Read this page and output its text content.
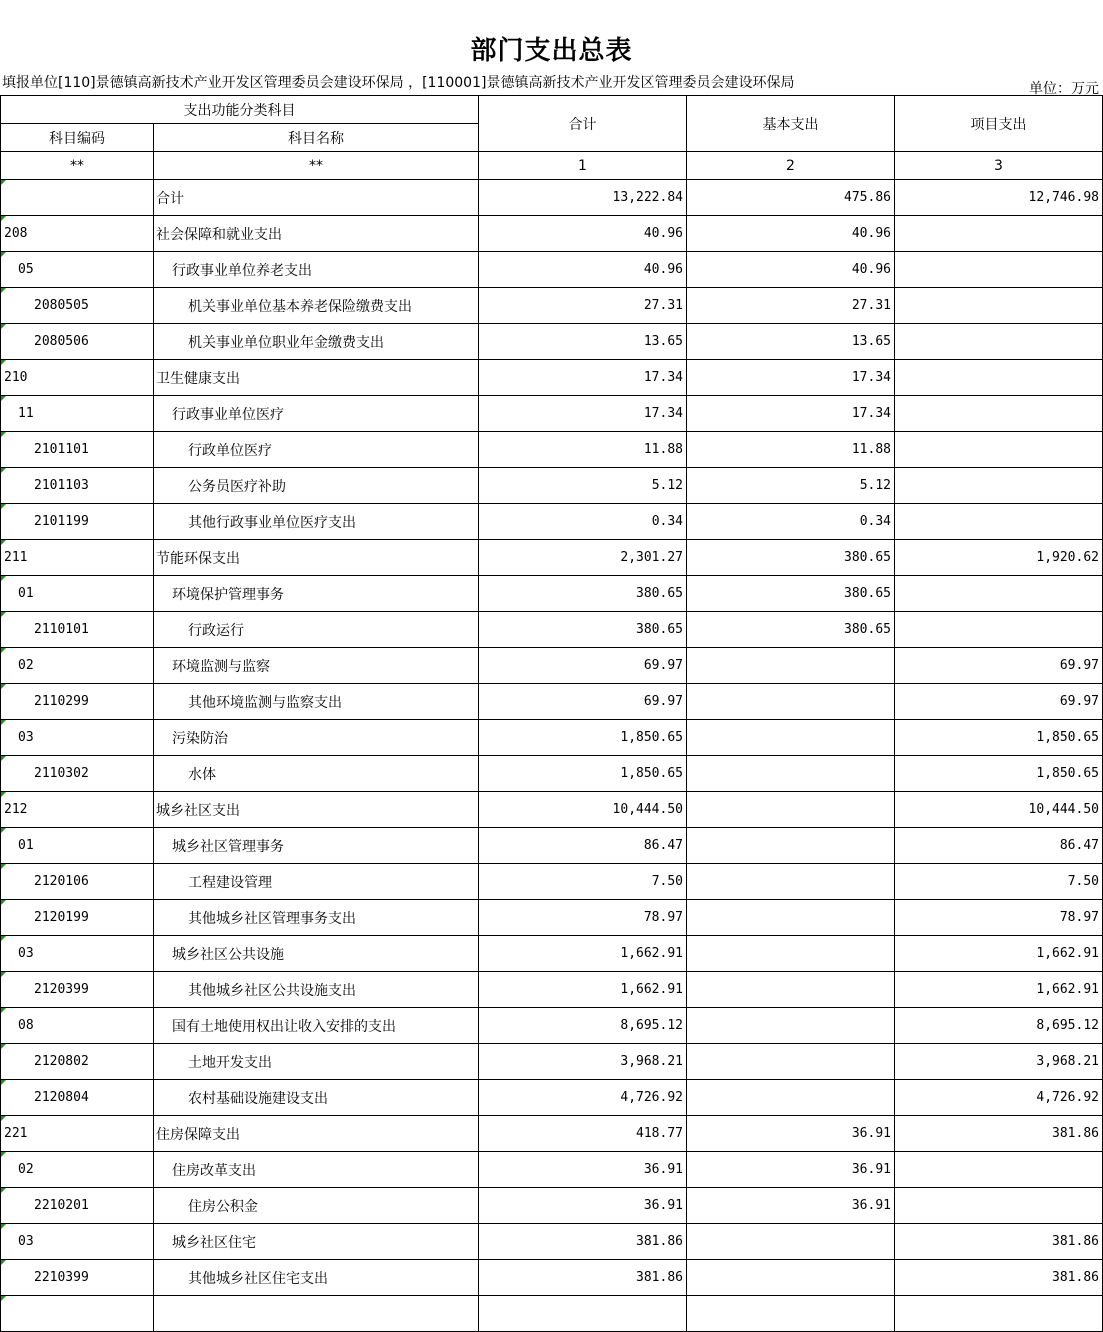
部门支出总表
填报单位[110]景德镇高新技术产业开发区管理委员会建设环保局 ，[110001]景德镇高新技术产业开发区管理委员会建设环保局	单位：万元
支出功能分类科目		合计	基本支出	项目支出
科目编码	科目名称			
**	**	1	2	3
	合计	13,222.84	475.86	12,746.98
208	社会保障和就业支出	40.96	40.96	
05	行政事业单位养老支出	40.96	40.96	
2080505	机关事业单位基本养老保险缴费支出	27.31	27.31	
2080506	机关事业单位职业年金缴费支出	13.65	13.65	
210	卫生健康支出	17.34	17.34	
11	行政事业单位医疗	17.34	17.34	
2101101	行政单位医疗	11.88	11.88	
2101103	公务员医疗补助	5.12	5.12	
2101199	其他行政事业单位医疗支出	0.34	0.34	
211	节能环保支出	2,301.27	380.65	1,920.62
01	环境保护管理事务	380.65	380.65	
2110101	行政运行	380.65	380.65	
02	环境监测与监察	69.97		69.97
2110299	其他环境监测与监察支出	69.97		69.97
03	污染防治	1,850.65		1,850.65
2110302	水体	1,850.65		1,850.65
212	城乡社区支出	10,444.50		10,444.50
01	城乡社区管理事务	86.47		86.47
2120106	工程建设管理	7.50		7.50
2120199	其他城乡社区管理事务支出	78.97		78.97
03	城乡社区公共设施	1,662.91		1,662.91
2120399	其他城乡社区公共设施支出	1,662.91		1,662.91
08	国有土地使用权出让收入安排的支出	8,695.12		8,695.12
2120802	土地开发支出	3,968.21		3,968.21
2120804	农村基础设施建设支出	4,726.92		4,726.92
221	住房保障支出	418.77	36.91	381.86
02	住房改革支出	36.91	36.91	
2210201	住房公积金	36.91	36.91	
03	城乡社区住宅	381.86		381.86
2210399	其他城乡社区住宅支出	381.86		381.86
